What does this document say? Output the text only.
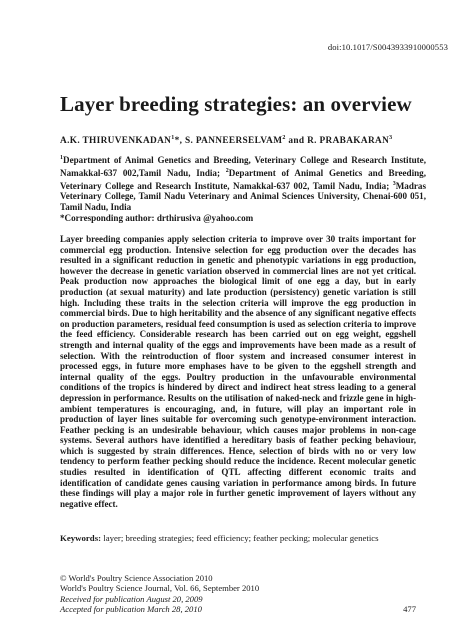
doi:10.1017/S0043933910000553
Layer breeding strategies: an overview
A.K. THIRUVENKADAN$^1$*, S. PANNEERSELVAM$^2$ and R. PRABAKARAN$^3$

$^1$Department of Animal Genetics and Breeding, Veterinary College and Research Institute, Namakkal-637 002,Tamil Nadu, India; $^2$Department of Animal Genetics and Breeding, Veterinary College and Research Institute, Namakkal-637 002, Tamil Nadu, India; $^3$Madras Veterinary College, Tamil Nadu Veterinary and Animal Sciences University, Chenai-600 051, Tamil Nadu, India

*Corresponding author: drthirusiva @yahoo.com

Layer breeding companies apply selection criteria to improve over 30 traits important for commercial egg production. Intensive selection for egg production over the decades has resulted in a significant reduction in genetic and phenotypic variations in egg production, however the decrease in genetic variation observed in commercial lines are not yet critical. Peak production now approaches the biological limit of one egg a day, but in early production (at sexual maturity) and late production (persistency) genetic variation is still high. Including these traits in the selection criteria will improve the egg production in commercial birds. Due to high heritability and the absence of any significant negative effects on production parameters, residual feed consumption is used as selection criteria to improve the feed efficiency. Considerable research has been carried out on egg weight, eggshell strength and internal quality of the eggs and improvements have been made as a result of selection. With the reintroduction of floor system and increased consumer interest in processed eggs, in future more emphases have to be given to the eggshell strength and internal quality of the eggs. Poultry production in the unfavourable environmental conditions of the tropics is hindered by direct and indirect heat stress leading to a general depression in performance. Results on the utilisation of naked-neck and frizzle gene in high-ambient temperatures is encouraging, and, in future, will play an important role in production of layer lines suitable for overcoming such genotype-environment interaction. Feather pecking is an undesirable behaviour, which causes major problems in non-cage systems. Several authors have identified a hereditary basis of feather pecking behaviour, which is suggested by strain differences. Hence, selection of birds with no or very low tendency to perform feather pecking should reduce the incidence. Recent molecular genetic studies resulted in identification of QTL affecting different economic traits and identification of candidate genes causing variation in performance among birds. In future these findings will play a major role in further genetic improvement of layers without any negative effect.

Keywords: layer; breeding strategies; feed efficiency; feather pecking; molecular genetics
© World's Poultry Science Association 2010
World's Poultry Science Journal, Vol. 66, September 2010
Received for publication August 20, 2009
Accepted for publication March 28, 2010	477
